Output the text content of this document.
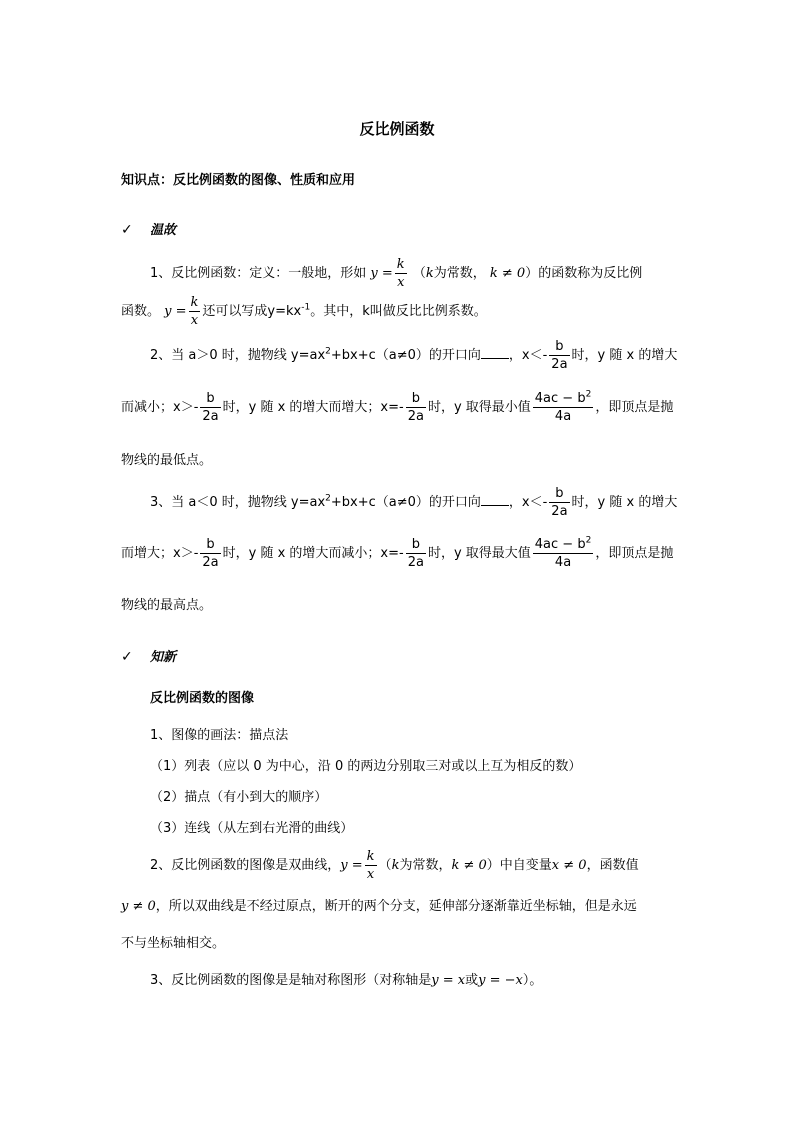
反比例函数
知识点：反比例函数的图像、性质和应用
✓ 温故
1、反比例函数：定义：一般地，形如 $y = \frac{k}{x} (k$为常数， k ≠ 0）的函数称为反比例
函数。 $y = \frac{k}{x}$ 还可以写成$y=kx^{-1}$。其中，k叫做反比比例系数。
2、当 a＞0 时，抛物线 $y=ax^2+bx+c(a\ne 0)$的开口向 ，$x<- \frac{b}{2a}$ 时，y 随 x 的增大
而减小；$x>- \frac{b}{2a}$ 时，y 随 x 的增大而增大；$x=- \frac{b}{2a}$ 时，y 取得最小值 $\frac{4ac - b^2}{4a}$ ，即顶点是抛
物线的最低点。
3、当 a＜0 时，抛物线 $y=ax^2+bx+c(a\ne 0)$的开口向 ，$x<- \frac{b}{2a}$ 时，y 随 x 的增大
而增大；$x>- \frac{b}{2a}$ 时，y 随 x 的增大而减小；$x=- \frac{b}{2a}$ 时，y 取得最大值 $\frac{4ac - b^2}{4a}$ ，即顶点是抛
物线的最高点。
✓ 知新
反比例函数的图像
1、图像的画法：描点法
（1）列表（应以 0 为中心，沿 0 的两边分别取三对或以上互为相反的数）
（2）描点（有小到大的顺序）
（3）连线（从左到右光滑的曲线）
2、反比例函数的图像是双曲线，$y = \frac{k}{x} (k$为常数，k ≠ 0）中自变量x ≠ 0，函数值
y ≠ 0，所以双曲线是不经过原点，断开的两个分支，延伸部分逐渐靠近坐标轴，但是永远
不与坐标轴相交。
3、反比例函数的图像是是轴对称图形（对称轴是y = x或y = −x）。
